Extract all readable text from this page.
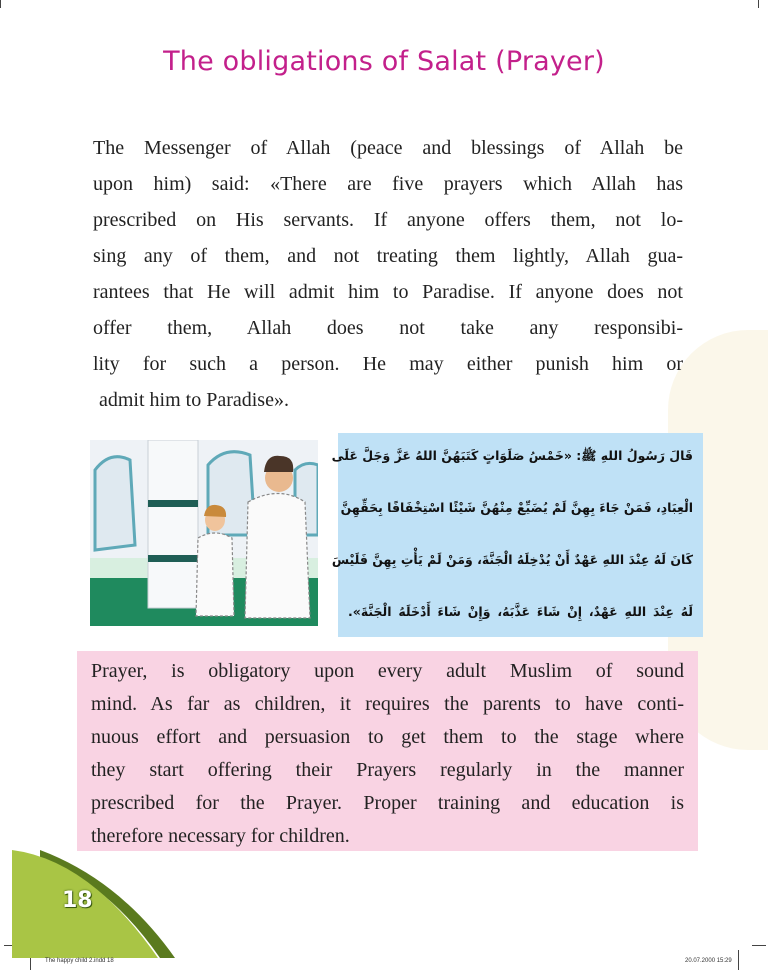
The obligations of Salat (Prayer)
The Messenger of Allah (peace and blessings of Allah be
upon him) said: «There are five prayers which Allah has
prescribed on His servants. If anyone offers them, not lo-
sing any of them, and not treating them lightly, Allah gua-
rantees that He will admit him to Paradise. If anyone does not
offer them, Allah does not take any responsibi-
lity for such a person. He may either punish him or
admit him to Paradise».
قَالَ رَسُولُ اللهِ ﷺ: «خَمْسُ صَلَوَاتٍ كَتَبَهُنَّ اللهُ عَزَّ وَجَلَّ عَلَى
الْعِبَادِ، فَمَنْ جَاءَ بِهِنَّ لَمْ يُضَيِّعْ مِنْهُنَّ شَيْئًا اسْتِخْفَافًا بِحَقِّهِنَّ
كَانَ لَهُ عِنْدَ اللهِ عَهْدٌ أَنْ يُدْخِلَهُ الْجَنَّةَ، وَمَنْ لَمْ يَأْتِ بِهِنَّ فَلَيْسَ
لَهُ عِنْدَ اللهِ عَهْدٌ، إِنْ شَاءَ عَذَّبَهُ، وَإِنْ شَاءَ أَدْخَلَهُ الْجَنَّةَ».
Prayer, is obligatory upon every adult Muslim of sound
mind. As far as children, it requires the parents to have conti-
nuous effort and persuasion to get them to the stage where
they start offering their Prayers regularly in the manner
prescribed for the Prayer. Proper training and education is
therefore necessary for children.
18
The happy child 2.indd 18	20.07.2000 15:29
